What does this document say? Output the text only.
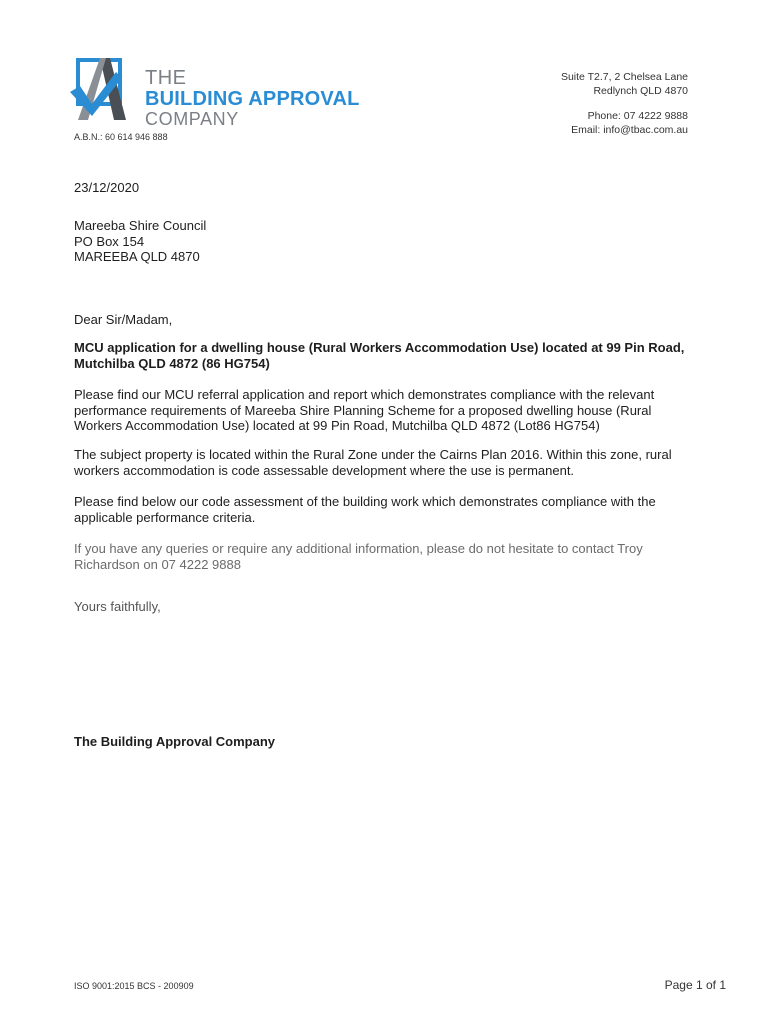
THE
BUILDING APPROVAL
COMPANY
A.B.N.: 60 614 946 888
Suite T2.7, 2 Chelsea Lane
Redlynch QLD 4870
Phone: 07 4222 9888
Email: info@tbac.com.au
23/12/2020
Mareeba Shire Council
PO Box 154
MAREEBA QLD 4870
Dear Sir/Madam,
MCU application for a dwelling house (Rural Workers Accommodation Use) located at 99 Pin Road, Mutchilba QLD 4872 (86 HG754)
Please find our MCU referral application and report which demonstrates compliance with the relevant performance requirements of Mareeba Shire Planning Scheme for a proposed dwelling house (Rural Workers Accommodation Use) located at 99 Pin Road, Mutchilba QLD 4872 (Lot86 HG754)
The subject property is located within the Rural Zone under the Cairns Plan 2016. Within this zone, rural workers accommodation is code assessable development where the use is permanent.
Please find below our code assessment of the building work which demonstrates compliance with the applicable performance criteria.
If you have any queries or require any additional information, please do not hesitate to contact Troy Richardson on 07 4222 9888
Yours faithfully,
The Building Approval Company
ISO 9001:2015 BCS - 200909	Page 1 of 1
